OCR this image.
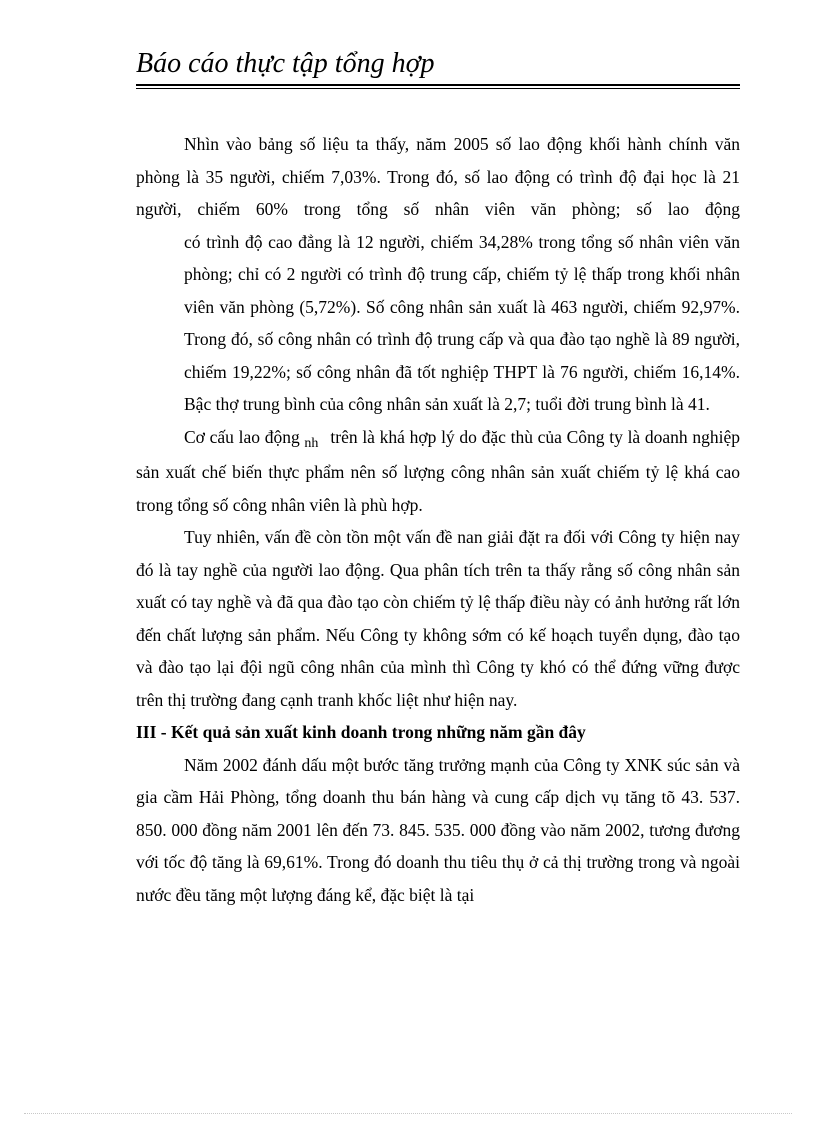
Báo cáo thực tập tổng hợp

Nhìn vào bảng số liệu ta thấy, năm 2005 số lao động khối hành chính văn phòng là 35 người, chiếm 7,03%. Trong đó, số lao động có trình độ đại học là 21 người, chiếm 60% trong tổng số nhân viên văn phòng; số lao động

có trình độ cao đẳng là 12 người, chiếm 34,28% trong tổng số nhân viên văn phòng; chỉ có 2 người có trình độ trung cấp, chiếm tỷ lệ thấp trong khối nhân viên văn phòng (5,72%). Số công nhân sản xuất là 463 người, chiếm 92,97%. Trong đó, số công nhân có trình độ trung cấp và qua đào tạo nghề là 89 người,

chiếm 19,22%; số công nhân đã tốt nghiệp THPT là 76 người, chiếm 16,14%. Bậc thợ trung bình của công nhân sản xuất là 2,7; tuổi đời trung bình là 41.

Cơ cấu lao động $_{nh}$ trên là khá hợp lý do đặc thù của Công ty là doanh nghiệp sản xuất chế biến thực phẩm nên số lượng công nhân sản xuất chiếm tỷ lệ khá cao trong tổng số công nhân viên là phù hợp.

Tuy nhiên, vấn đề còn tồn một vấn đề nan giải đặt ra đối với Công ty hiện nay đó là tay nghề của người lao động. Qua phân tích trên ta thấy rằng số công nhân sản xuất có tay nghề và đã qua đào tạo còn chiếm tỷ lệ thấp điều này có ảnh hưởng rất lớn đến chất lượng sản phẩm. Nếu Công ty không sớm có kế hoạch tuyển dụng, đào tạo và đào tạo lại đội ngũ công nhân của mình thì Công ty khó có thể đứng vững được trên thị trường đang cạnh tranh khốc liệt như hiện nay.

III - Kết quả sản xuất kinh doanh trong những năm gần đây

Năm 2002 đánh dấu một bước tăng trưởng mạnh của Công ty XNK súc sản và gia cầm Hải Phòng, tổng doanh thu bán hàng và cung cấp dịch vụ tăng tõ 43. 537. 850. 000 đồng năm 2001 lên đến 73. 845. 535. 000 đồng vào năm 2002, tương đương với tốc độ tăng là 69,61%. Trong đó doanh thu tiêu thụ ở cả thị trường trong và ngoài nước đều tăng một lượng đáng kể, đặc biệt là tại
